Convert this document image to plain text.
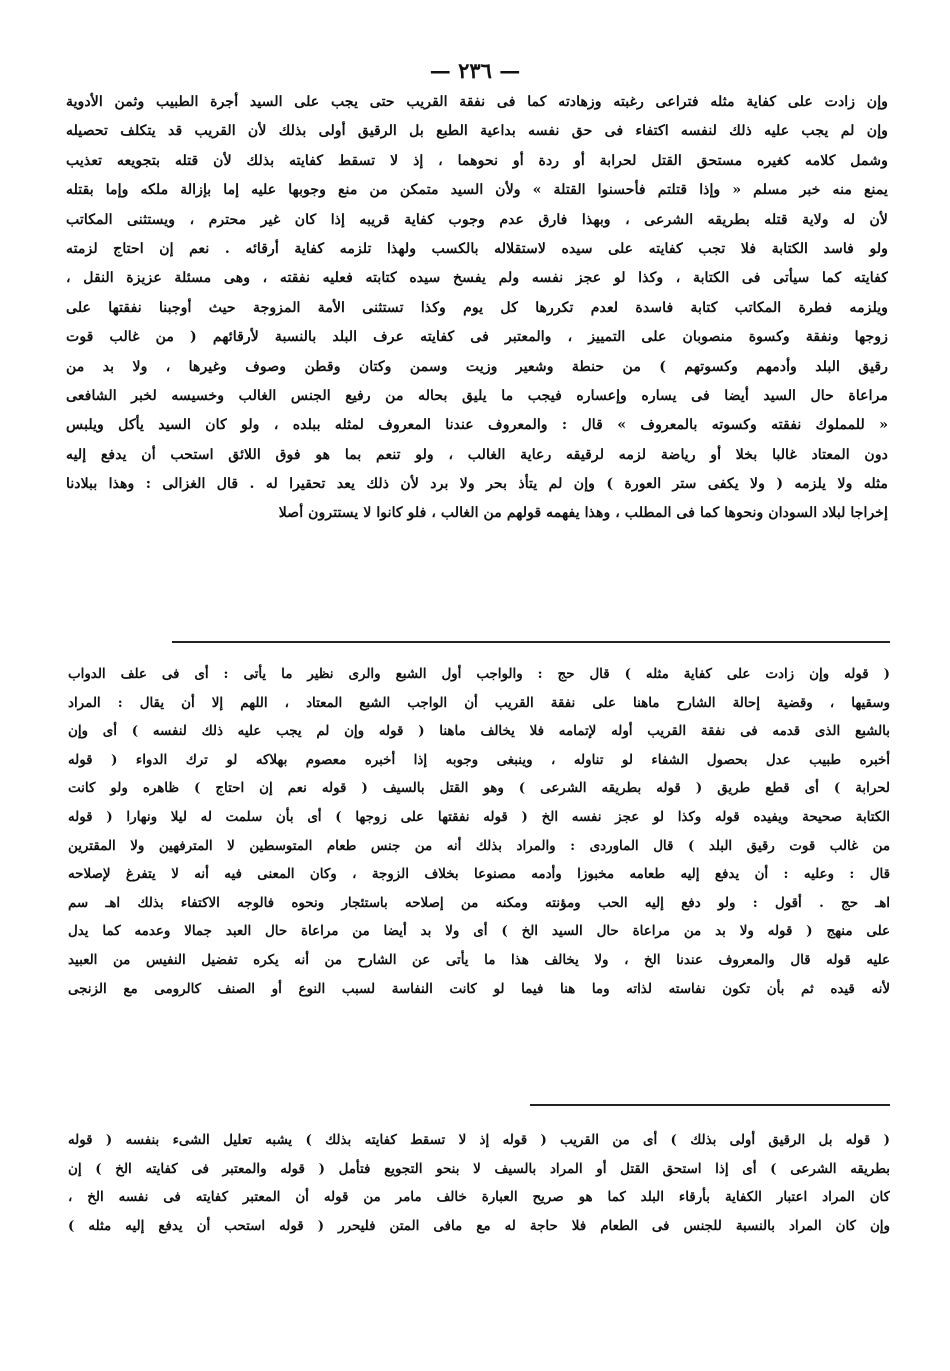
— ٢٣٦ —
وإن زادت على كفاية مثله فتراعى رغبته وزهادته كما فى نفقة القريب حتى يجب على السيد أجرة الطبيب وثمن الأدوية
وإن لم يجب عليه ذلك لنفسه اكتفاء فى حق نفسه بداعية الطبع بل الرقيق أولى بذلك لأن القريب قد يتكلف تحصيله
وشمل كلامه كغيره مستحق القتل لحرابة أو ردة أو نحوهما ، إذ لا تسقط كفايته بذلك لأن قتله بتجويعه تعذيب
يمنع منه خبر مسلم « وإذا قتلتم فأحسنوا القتلة » ولأن السيد متمكن من منع وجوبها عليه إما بإزالة ملكه وإما بقتله
لأن له ولاية قتله بطريقه الشرعى ، وبهذا فارق عدم وجوب كفاية قريبه إذا كان غير محترم ، ويستثنى المكاتب
ولو فاسد الكتابة فلا تجب كفايته على سيده لاستقلاله بالكسب ولهذا تلزمه كفاية أرقائه . نعم إن احتاج لزمته
كفايته كما سيأتى فى الكتابة ، وكذا لو عجز نفسه ولم يفسخ سيده كتابته فعليه نفقته ، وهى مسئلة عزيزة النقل ،
ويلزمه فطرة المكاتب كتابة فاسدة لعدم تكررها كل يوم وكذا تستثنى الأمة المزوجة حيث أوجبنا نفقتها على
زوجها ونفقة وكسوة منصوبان على التمييز ، والمعتبر فى كفايته عرف البلد بالنسبة لأرقائهم ( من غالب قوت
رقيق البلد وأدمهم وكسوتهم ) من حنطة وشعير وزيت وسمن وكتان وقطن وصوف وغيرها ، ولا بد من
مراعاة حال السيد أيضا فى يساره وإعساره فيجب ما يليق بحاله من رفيع الجنس الغالب وخسيسه لخبر الشافعى
« للمملوك نفقته وكسوته بالمعروف » قال : والمعروف عندنا المعروف لمثله ببلده ، ولو كان السيد يأكل ويلبس
دون المعتاد غالبا بخلا أو رياضة لزمه لرقيقه رعاية الغالب ، ولو تنعم بما هو فوق اللائق استحب أن يدفع إليه
مثله ولا يلزمه ( ولا يكفى ستر العورة ) وإن لم يتأذ بحر ولا برد لأن ذلك يعد تحقيرا له . قال الغزالى : وهذا ببلادنا
إخراجا لبلاد السودان ونحوها كما فى المطلب ، وهذا يفهمه قولهم من الغالب ، فلو كانوا لا يستترون أصلا
( قوله وإن زادت على كفاية مثله ) قال حج : والواجب أول الشبع والرى نظير ما يأتى : أى فى علف الدواب
وسقيها ، وقضية إحالة الشارح ماهنا على نفقة القريب أن الواجب الشبع المعتاد ، اللهم إلا أن يقال : المراد
بالشبع الذى قدمه فى نفقة القريب أوله لإتمامه فلا يخالف ماهنا ( قوله وإن لم يجب عليه ذلك لنفسه ) أى وإن
أخبره طبيب عدل بحصول الشفاء لو تناوله ، وينبغى وجوبه إذا أخبره معصوم بهلاكه لو ترك الدواء ( قوله
لحرابة ) أى قطع طريق ( قوله بطريقه الشرعى ) وهو القتل بالسيف ( قوله نعم إن احتاج ) ظاهره ولو كانت
الكتابة صحيحة ويفيده قوله وكذا لو عجز نفسه الخ ( قوله نفقتها على زوجها ) أى بأن سلمت له ليلا ونهارا ( قوله
من غالب قوت رقيق البلد ) قال الماوردى : والمراد بذلك أنه من جنس طعام المتوسطين لا المترفهين ولا المقترين
قال : وعليه : أن يدفع إليه طعامه مخبوزا وأدمه مصنوعا بخلاف الزوجة ، وكان المعنى فيه أنه لا يتفرغ لإصلاحه
اهـ حج . أقول : ولو دفع إليه الحب ومؤنته ومكنه من إصلاحه باستئجار ونحوه فالوجه الاكتفاء بذلك اهـ سم
على منهج ( قوله ولا بد من مراعاة حال السيد الخ ) أى ولا بد أيضا من مراعاة حال العبد جمالا وعدمه كما يدل
عليه قوله قال والمعروف عندنا الخ ، ولا يخالف هذا ما يأتى عن الشارح من أنه يكره تفضيل النفيس من العبيد
لأنه قيده ثم بأن تكون نفاسته لذاته وما هنا فيما لو كانت النفاسة لسبب النوع أو الصنف كالرومى مع الزنجى
( قوله بل الرقيق أولى بذلك ) أى من القريب ( قوله إذ لا تسقط كفايته بذلك ) يشبه تعليل الشىء بنفسه ( قوله
بطريقه الشرعى ) أى إذا استحق القتل أو المراد بالسيف لا بنحو التجويع فتأمل ( قوله والمعتبر فى كفايته الخ ) إن
كان المراد اعتبار الكفاية بأرقاء البلد كما هو صريح العبارة خالف مامر من قوله أن المعتبر كفايته فى نفسه الخ ،
وإن كان المراد بالنسبة للجنس فى الطعام فلا حاجة له مع مافى المتن فليحرر ( قوله استحب أن يدفع إليه مثله )
